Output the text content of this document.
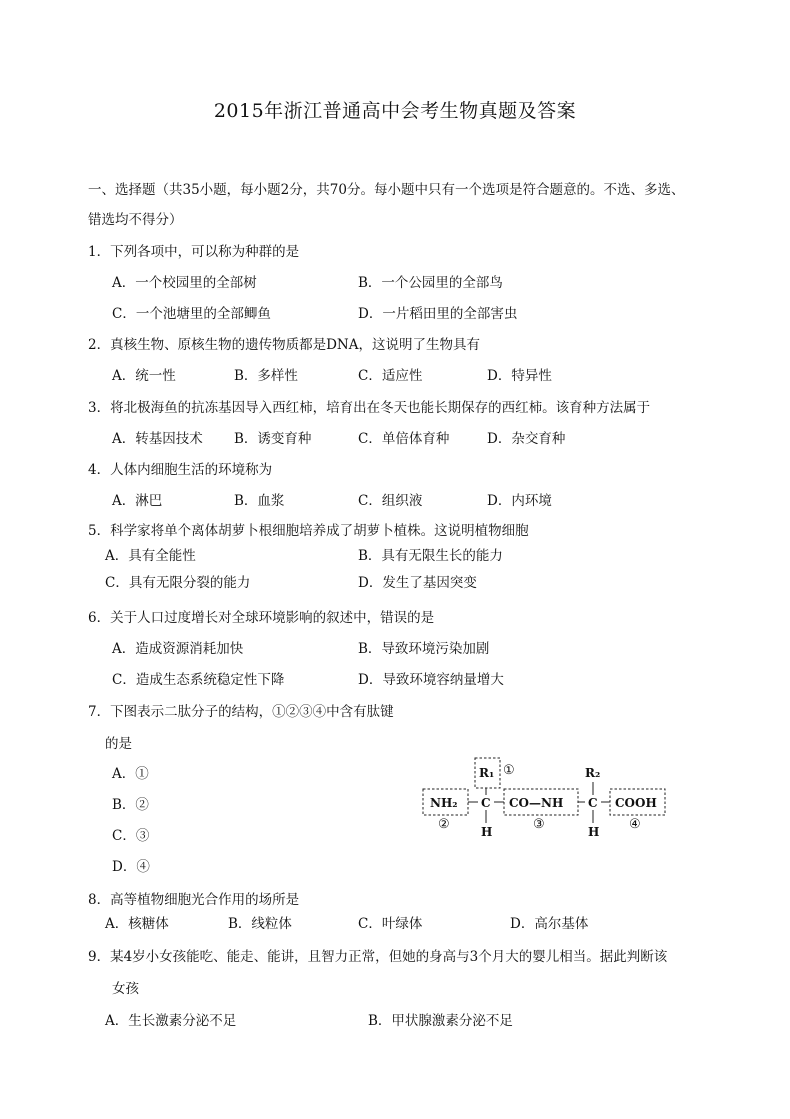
2015年浙江普通高中会考生物真题及答案
一、选择题（共35小题，每小题2分，共70分。每小题中只有一个选项是符合题意的。不选、多选、
错选均不得分）
1．下列各项中，可以称为种群的是
A．一个校园里的全部树	B．一个公园里的全部鸟
C．一个池塘里的全部鲫鱼	D．一片稻田里的全部害虫
2．真核生物、原核生物的遗传物质都是DNA，这说明了生物具有
A．统一性	B．多样性	C．适应性	D．特异性
3．将北极海鱼的抗冻基因导入西红柿，培育出在冬天也能长期保存的西红柿。该育种方法属于
A．转基因技术 B．诱变育种	C．单倍体育种	D．杂交育种
4．人体内细胞生活的环境称为
A．淋巴	B．血浆	C．组织液	D．内环境
5．科学家将单个离体胡萝卜根细胞培养成了胡萝卜植株。这说明植物细胞
A．具有全能性	B．具有无限生长的能力
C．具有无限分裂的能力	D．发生了基因突变
6．关于人口过度增长对全球环境影响的叙述中，错误的是
A．造成资源消耗加快	B．导致环境污染加剧
C．造成生态系统稳定性下降	D．导致环境容纳量增大
7．下图表示二肽分子的结构，①②③④中含有肽键
的是
A．①
B．②
C．③
D．④
R₁	R₂
NH₂ C CO—NH C COOH
H	H
①
②	③	④
8．高等植物细胞光合作用的场所是
A．核糖体	B．线粒体	C．叶绿体	D．高尔基体
9．某4岁小女孩能吃、能走、能讲，且智力正常，但她的身高与3个月大的婴儿相当。据此判断该
女孩
A．生长激素分泌不足	B．甲状腺激素分泌不足
